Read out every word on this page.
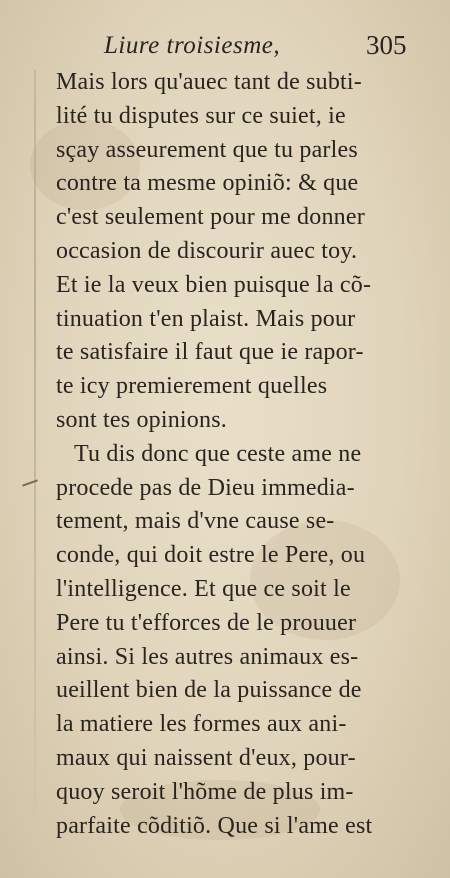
Liure troisiesme,	305
Mais lors qu'auec tant de subti-
lité tu disputes sur ce suiet, ie
sçay asseurement que tu parles
contre ta mesme opiniõ: & que
c'est seulement pour me donner
occasion de discourir auec toy.
Et ie la veux bien puisque la cõ-
tinuation t'en plaist. Mais pour
te satisfaire il faut que ie rapor-
te icy premierement quelles
sont tes opinions.
Tu dis donc que ceste ame ne
procede pas de Dieu immedia-
tement, mais d'vne cause se-
conde, qui doit estre le Pere, ou
l'intelligence. Et que ce soit le
Pere tu t'efforces de le prouuer
ainsi. Si les autres animaux es-
ueillent bien de la puissance de
la matiere les formes aux ani-
maux qui naissent d'eux, pour-
quoy seroit l'hõme de plus im-
parfaite cõditiõ. Que si l'ame est
